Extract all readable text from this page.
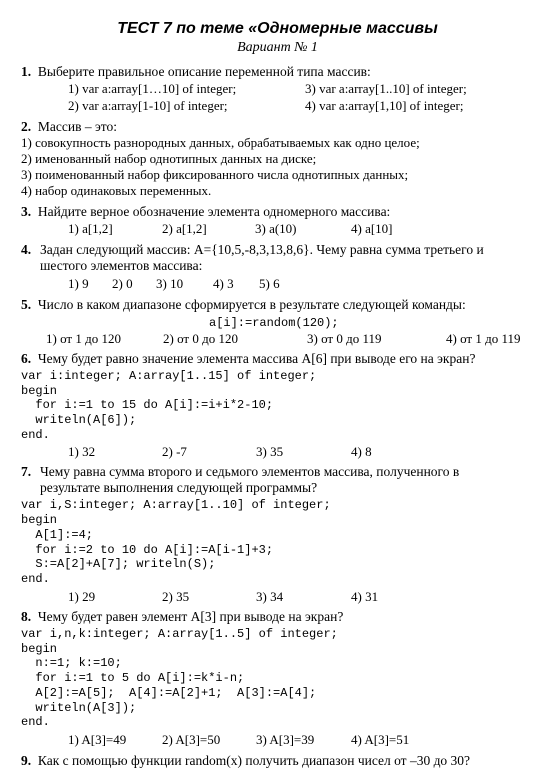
ТЕСТ 7 по теме «Одномерные массивы
Вариант № 1
1. Выберите правильное описание переменной типа массив:
1) var a:array[1…10] of integer;	3) var a:array[1..10] of integer;
2) var a:array[1-10] of integer;	4) var a:array[1,10] of integer;
2. Массив – это:
1) совокупность разнородных данных, обрабатываемых как одно целое;
2) именованный набор однотипных данных на диске;
3) поименованный набор фиксированного числа однотипных данных;
4) набор одинаковых переменных.
3. Найдите верное обозначение элемента одномерного массива:
1) a[1,2]	2) a[1,2]	3) a(10)	4) a[10]
4. Задан следующий массив: A={10,5,-8,3,13,8,6}. Чему равна сумма третьего и
шестого элементов массива:
1) 9 2) 0 3) 10 4) 3 5) 6
5. Число в каком диапазоне сформируется в результате следующей команды:
a[i]:=random(120);
1) от 1 до 120	2) от 0 до 120	3) от 0 до 119	4) от 1 до 119
6. Чему будет равно значение элемента массива A[6] при выводе его на экран?
var i:integer; A:array[1..15] of integer;
begin
for i:=1 to 15 do A[i]:=i+i*2-10;
writeln(A[6]);
end.
1) 32	2) -7	3) 35	4) 8
7. Чему равна сумма второго и седьмого элементов массива, полученного в
результате выполнения следующей программы?
var i,S:integer; A:array[1..10] of integer;
begin
A[1]:=4;
for i:=2 to 10 do A[i]:=A[i-1]+3;
S:=A[2]+A[7]; writeln(S);
end.
1) 29	2) 35	3) 34	4) 31
8. Чему будет равен элемент A[3] при выводе на экран?
var i,n,k:integer; A:array[1..5] of integer;
begin
n:=1; k:=10;
for i:=1 to 5 do A[i]:=k*i-n;
A[2]:=A[5];  A[4]:=A[2]+1;  A[3]:=A[4];
writeln(A[3]);
end.
1) A[3]=49	2) A[3]=50	3) A[3]=39	4) A[3]=51
9. Как с помощью функции random(x) получить диапазон чисел от –30 до 30?
